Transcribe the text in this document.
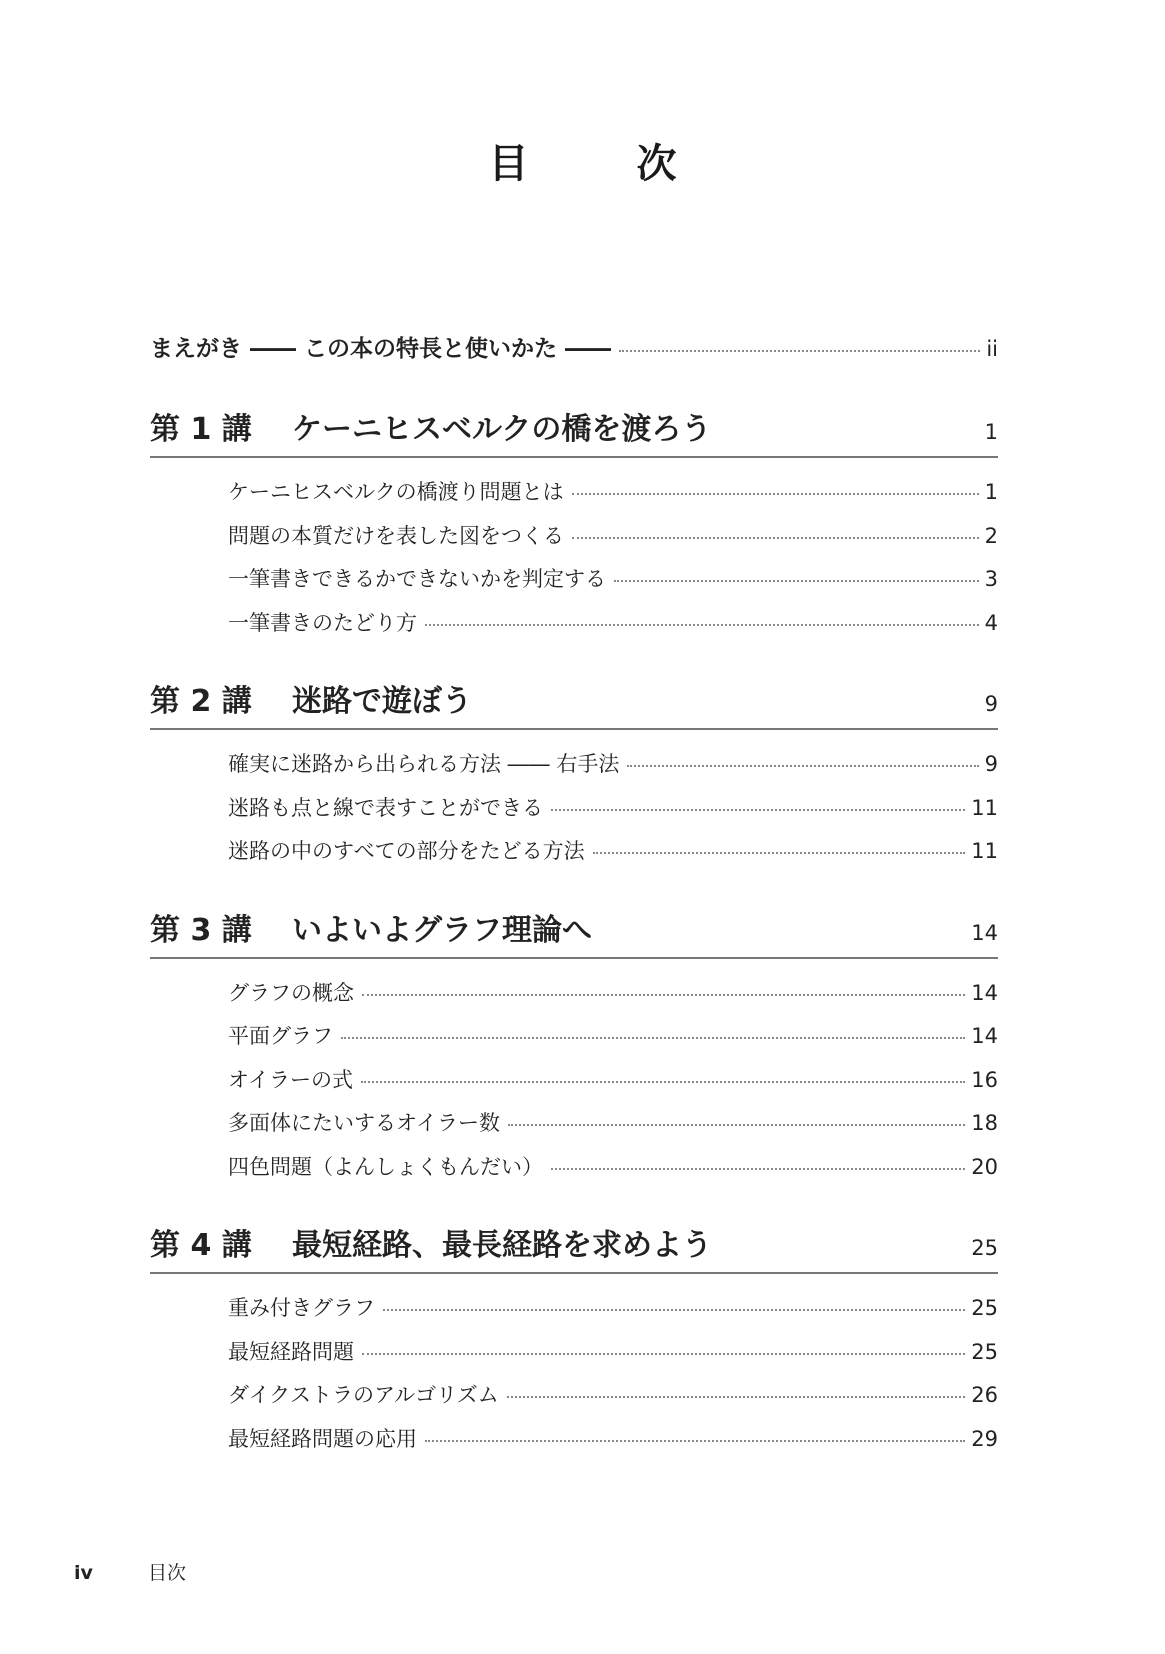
目　次
まえがき ―― この本の特長と使いかた ――	ii
第 1 講	ケーニヒスベルクの橋を渡ろう	1
ケーニヒスベルクの橋渡り問題とは	1
問題の本質だけを表した図をつくる	2
一筆書きできるかできないかを判定する	3
一筆書きのたどり方	4
第 2 講	迷路で遊ぼう	9
確実に迷路から出られる方法 ―― 右手法	9
迷路も点と線で表すことができる	11
迷路の中のすべての部分をたどる方法	11
第 3 講	いよいよグラフ理論へ	14
グラフの概念	14
平面グラフ	14
オイラーの式	16
多面体にたいするオイラー数	18
四色問題（よんしょくもんだい）	20
第 4 講	最短経路、最長経路を求めよう	25
重み付きグラフ	25
最短経路問題	25
ダイクストラのアルゴリズム	26
最短経路問題の応用	29
iv	目次
